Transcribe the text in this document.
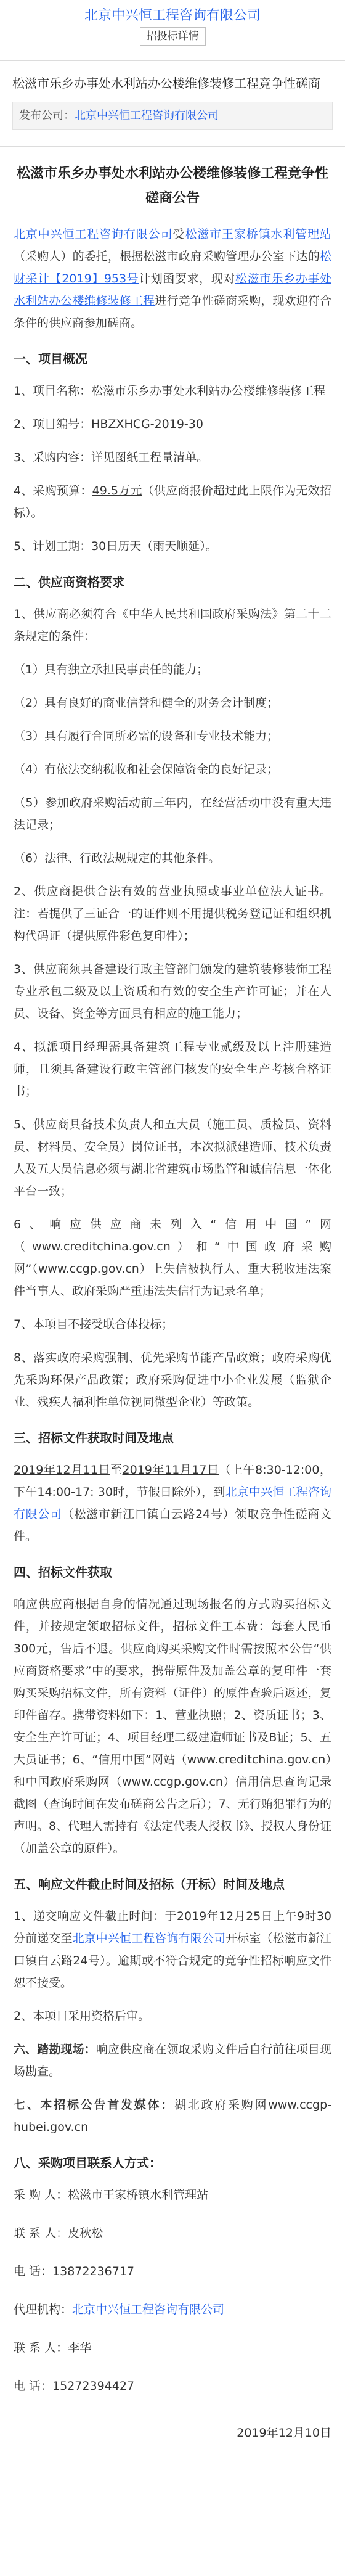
北京中兴恒工程咨询有限公司
招投标详情
松滋市乐乡办事处水利站办公楼维修装修工程竞争性磋商
发布公司：北京中兴恒工程咨询有限公司
松滋市乐乡办事处水利站办公楼维修装修工程竞争性磋商公告
北京中兴恒工程咨询有限公司受松滋市王家桥镇水利管理站（采购人）的委托，根据松滋市政府采购管理办公室下达的松财采计【2019】953号计划函要求，现对松滋市乐乡办事处水利站办公楼维修装修工程进行竞争性磋商采购，现欢迎符合条件的供应商参加磋商。
一、项目概况
1、项目名称：松滋市乐乡办事处水利站办公楼维修装修工程
2、项目编号：HBZXHCG-2019-30
3、采购内容：详见图纸工程量清单。
4、采购预算：49.5万元（供应商报价超过此上限作为无效招标）。
5、计划工期：30日历天（雨天顺延）。
二、供应商资格要求
1、供应商必须符合《中华人民共和国政府采购法》第二十二条规定的条件：
（1）具有独立承担民事责任的能力；
（2）具有良好的商业信誉和健全的财务会计制度；
（3）具有履行合同所必需的设备和专业技术能力；
（4）有依法交纳税收和社会保障资金的良好记录；
（5）参加政府采购活动前三年内，在经营活动中没有重大违法记录；
（6）法律、行政法规规定的其他条件。
2、供应商提供合法有效的营业执照或事业单位法人证书。注：若提供了三证合一的证件则不用提供税务登记证和组织机构代码证（提供原件彩色复印件）；
3、供应商须具备建设行政主管部门颁发的建筑装修装饰工程专业承包二级及以上资质和有效的安全生产许可证；并在人员、设备、资金等方面具有相应的施工能力；
4、拟派项目经理需具备建筑工程专业贰级及以上注册建造师，且须具备建设行政主管部门核发的安全生产考核合格证书；
5、供应商具备技术负责人和五大员（施工员、质检员、资料员、材料员、安全员）岗位证书，本次拟派建造师、技术负责人及五大员信息必须与湖北省建筑市场监管和诚信信息一体化平台一致；
6、响应供应商未列入“信用中国”网（www.creditchina.gov.cn）和“中国政府采购网”（www.ccgp.gov.cn）上失信被执行人、重大税收违法案件当事人、政府采购严重违法失信行为记录名单；
7、本项目不接受联合体投标；
8、落实政府采购强制、优先采购节能产品政策；政府采购优先采购环保产品政策；政府采购促进中小企业发展（监狱企业、残疾人福利性单位视同微型企业）等政策。
三、招标文件获取时间及地点
2019年12月11日至2019年11月17日（上午8:30-12:00，下午14:00-17: 30时，节假日除外），到北京中兴恒工程咨询有限公司（松滋市新江口镇白云路24号）领取竞争性磋商文件。
四、招标文件获取
响应供应商根据自身的情况通过现场报名的方式购买招标文件，并按规定领取招标文件，招标文件工本费：每套人民币300元，售后不退。供应商购买采购文件时需按照本公告“供应商资格要求”中的要求，携带原件及加盖公章的复印件一套购买采购招标文件，所有资料（证件）的原件查验后返还，复印件留存。携带资料如下：1、营业执照；2、资质证书；3、安全生产许可证；4、项目经理二级建造师证书及B证；5、五大员证书；6、“信用中国”网站（www.creditchina.gov.cn）和中国政府采购网（www.ccgp.gov.cn）信用信息查询记录截图（查询时间在发布磋商公告之后）；7、无行贿犯罪行为的声明。8、代理人需持有《法定代表人授权书》、授权人身份证（加盖公章的原件）。
五、响应文件截止时间及招标（开标）时间及地点
1、递交响应文件截止时间：于2019年12月25日上午9时30分前递交至北京中兴恒工程咨询有限公司开标室（松滋市新江口镇白云路24号）。逾期或不符合规定的竞争性招标响应文件恕不接受。
2、本项目采用资格后审。
六、踏勘现场：响应供应商在领取采购文件后自行前往项目现场勘查。
七、本招标公告首发媒体：湖北政府采购网www.ccgp-hubei.gov.cn
八、采购项目联系人方式：
采 购 人：松滋市王家桥镇水利管理站
联 系 人：皮秋松
电 话：13872236717
代理机构：北京中兴恒工程咨询有限公司
联 系 人：李华
电 话：15272394427
2019年12月10日
